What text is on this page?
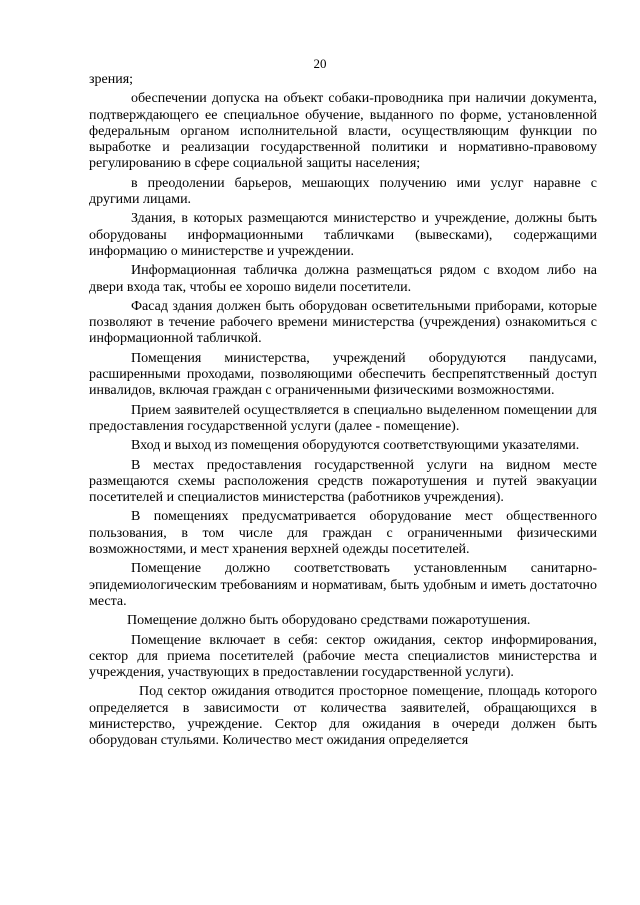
20

зрения;

обеспечении допуска на объект собаки-проводника при наличии документа, подтверждающего ее специальное обучение, выданного по форме, установленной федеральным органом исполнительной власти, осуществляющим функции по выработке и реализации государственной политики и нормативно-правовому регулированию в сфере социальной защиты населения;

в преодолении барьеров, мешающих получению ими услуг наравне с другими лицами.

Здания, в которых размещаются министерство и учреждение, должны быть оборудованы информационными табличками (вывесками), содержащими информацию о министерстве и учреждении.

Информационная табличка должна размещаться рядом с входом либо на двери входа так, чтобы ее хорошо видели посетители.

Фасад здания должен быть оборудован осветительными приборами, которые позволяют в течение рабочего времени министерства (учреждения) ознакомиться с информационной табличкой.

Помещения министерства, учреждений оборудуются пандусами, расширенными проходами, позволяющими обеспечить беспрепятственный доступ инвалидов, включая граждан с ограниченными физическими возможностями.

Прием заявителей осуществляется в специально выделенном помещении для предоставления государственной услуги (далее - помещение).

Вход и выход из помещения оборудуются соответствующими указателями.

В местах предоставления государственной услуги на видном месте размещаются схемы расположения средств пожаротушения и путей эвакуации посетителей и специалистов министерства (работников учреждения).

В помещениях предусматривается оборудование мест общественного пользования, в том числе для граждан с ограниченными физическими возможностями, и мест хранения верхней одежды посетителей.

Помещение должно соответствовать установленным санитарно-эпидемиологическим требованиям и нормативам, быть удобным и иметь достаточно места.

Помещение должно быть оборудовано средствами пожаротушения.

Помещение включает в себя: сектор ожидания, сектор информирования, сектор для приема посетителей (рабочие места специалистов министерства и учреждения, участвующих в предоставлении государственной услуги).

Под сектор ожидания отводится просторное помещение, площадь которого определяется в зависимости от количества заявителей, обращающихся в министерство, учреждение. Сектор для ожидания в очереди должен быть оборудован стульями. Количество мест ожидания определяется
